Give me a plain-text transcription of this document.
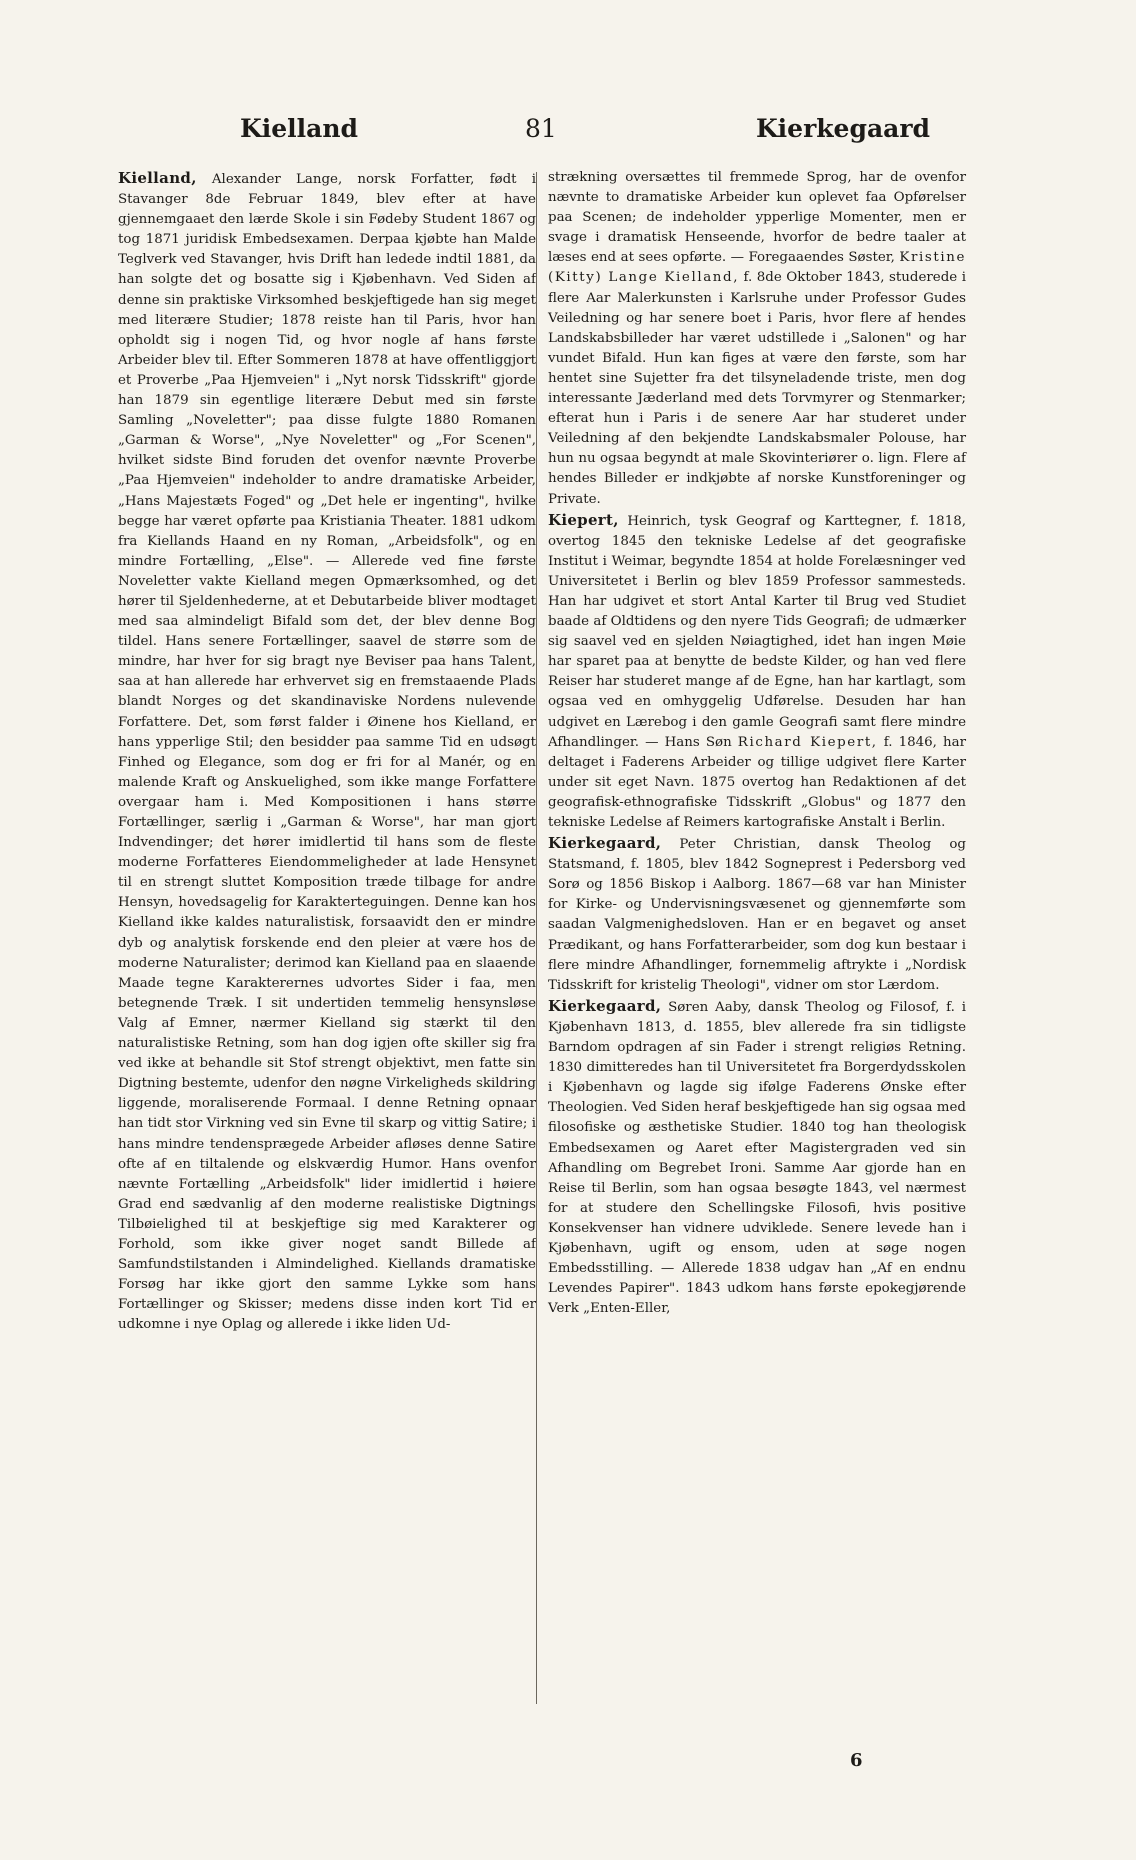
Kielland	81	Kierkegaard

Kielland, Alexander Lange, norsk Forfatter, født i Stavanger 8de Februar 1849, blev efter at have gjennemgaaet den lærde Skole i sin Fødeby Student 1867 og tog 1871 juridisk Embedsexamen. Derpaa kjøbte han Malde Teglverk ved Stavanger, hvis Drift han ledede indtil 1881, da han solgte det og bosatte sig i Kjøbenhavn. Ved Siden af denne sin praktiske Virksomhed beskjeftigede han sig meget med literære Studier; 1878 reiste han til Paris, hvor han opholdt sig i nogen Tid, og hvor nogle af hans første Arbeider blev til. Efter Sommeren 1878 at have offentliggjort et Proverbe „Paa Hjemveien" i „Nyt norsk Tidsskrift" gjorde han 1879 sin egentlige literære Debut med sin første Samling „Noveletter"; paa disse fulgte 1880 Romanen „Garman & Worse", „Nye Noveletter" og „For Scenen", hvilket sidste Bind foruden det ovenfor nævnte Proverbe „Paa Hjemveien" indeholder to andre dramatiske Arbeider, „Hans Majestæts Foged" og „Det hele er ingenting", hvilke begge har været opførte paa Kristiania Theater. 1881 udkom fra Kiellands Haand en ny Roman, „Arbeidsfolk", og en mindre Fortælling, „Else". — Allerede ved fine første Noveletter vakte Kielland megen Opmærksomhed, og det hører til Sjeldenhederne, at et Debutarbeide bliver modtaget med saa almindeligt Bifald som det, der blev denne Bog tildel. Hans senere Fortællinger, saavel de større som de mindre, har hver for sig bragt nye Beviser paa hans Talent, saa at han allerede har erhvervet sig en fremstaaende Plads blandt Norges og det skandinaviske Nordens nulevende Forfattere. Det, som først falder i Øinene hos Kielland, er hans ypperlige Stil; den besidder paa samme Tid en udsøgt Finhed og Elegance, som dog er fri for al Manér, og en malende Kraft og Anskuelighed, som ikke mange Forfattere overgaar ham i. Med Kompositionen i hans større Fortællinger, særlig i „Garman & Worse", har man gjort Indvendinger; det hører imidlertid til hans som de fleste moderne Forfatteres Eiendommeligheder at lade Hensynet til en strengt sluttet Komposition træde tilbage for andre Hensyn, hovedsagelig for Karakterteguingen. Denne kan hos Kielland ikke kaldes naturalistisk, forsaavidt den er mindre dyb og analytisk forskende end den pleier at være hos de moderne Naturalister; derimod kan Kielland paa en slaaende Maade tegne Karakterernes udvortes Sider i faa, men betegnende Træk. I sit undertiden temmelig hensynsløse Valg af Emner, nærmer Kielland sig stærkt til den naturalistiske Retning, som han dog igjen ofte skiller sig fra ved ikke at behandle sit Stof strengt objektivt, men fatte sin Digtning bestemte, udenfor den nøgne Virkeligheds skildring liggende, moraliserende Formaal. I denne Retning opnaar han tidt stor Virkning ved sin Evne til skarp og vittig Satire; i hans mindre tendensprægede Arbeider afløses denne Satire ofte af en tiltalende og elskværdig Humor. Hans ovenfor nævnte Fortælling „Arbeidsfolk" lider imidlertid i høiere Grad end sædvanlig af den moderne realistiske Digtnings Tilbøielighed til at beskjeftige sig med Karakterer og Forhold, som ikke giver noget sandt Billede af Samfundstilstanden i Almindelighed. Kiellands dramatiske Forsøg har ikke gjort den samme Lykke som hans Fortællinger og Skisser; medens disse inden kort Tid er udkomne i nye Oplag og allerede i ikke liden Ud-

strækning oversættes til fremmede Sprog, har de ovenfor nævnte to dramatiske Arbeider kun oplevet faa Opførelser paa Scenen; de indeholder ypperlige Momenter, men er svage i dramatisk Henseende, hvorfor de bedre taaler at læses end at sees opførte. — Foregaaendes Søster, Kristine (Kitty) Lange Kielland, f. 8de Oktober 1843, studerede i flere Aar Malerkunsten i Karlsruhe under Professor Gudes Veiledning og har senere boet i Paris, hvor flere af hendes Landskabsbilleder har været udstillede i „Salonen" og har vundet Bifald. Hun kan figes at være den første, som har hentet sine Sujetter fra det tilsyneladende triste, men dog interessante Jæderland med dets Torvmyrer og Stenmarker; efterat hun i Paris i de senere Aar har studeret under Veiledning af den bekjendte Landskabsmaler Polouse, har hun nu ogsaa begyndt at male Skovinteriører o. lign. Flere af hendes Billeder er indkjøbte af norske Kunstforeninger og Private.

Kiepert, Heinrich, tysk Geograf og Karttegner, f. 1818, overtog 1845 den tekniske Ledelse af det geografiske Institut i Weimar, begyndte 1854 at holde Forelæsninger ved Universitetet i Berlin og blev 1859 Professor sammesteds. Han har udgivet et stort Antal Karter til Brug ved Studiet baade af Oldtidens og den nyere Tids Geografi; de udmærker sig saavel ved en sjelden Nøiagtighed, idet han ingen Møie har sparet paa at benytte de bedste Kilder, og han ved flere Reiser har studeret mange af de Egne, han har kartlagt, som ogsaa ved en omhyggelig Udførelse. Desuden har han udgivet en Lærebog i den gamle Geografi samt flere mindre Afhandlinger. — Hans Søn Richard Kiepert, f. 1846, har deltaget i Faderens Arbeider og tillige udgivet flere Karter under sit eget Navn. 1875 overtog han Redaktionen af det geografisk-ethnografiske Tidsskrift „Globus" og 1877 den tekniske Ledelse af Reimers kartografiske Anstalt i Berlin.

Kierkegaard, Peter Christian, dansk Theolog og Statsmand, f. 1805, blev 1842 Sogneprest i Pedersborg ved Sorø og 1856 Biskop i Aalborg. 1867—68 var han Minister for Kirke- og Undervisningsvæsenet og gjennemførte som saadan Valgmenighedsloven. Han er en begavet og anset Prædikant, og hans Forfatterarbeider, som dog kun bestaar i flere mindre Afhandlinger, fornemmelig aftrykte i „Nordisk Tidsskrift for kristelig Theologi", vidner om stor Lærdom.

Kierkegaard, Søren Aaby, dansk Theolog og Filosof, f. i Kjøbenhavn 1813, d. 1855, blev allerede fra sin tidligste Barndom opdragen af sin Fader i strengt religiøs Retning. 1830 dimitteredes han til Universitetet fra Borgerdydsskolen i Kjøbenhavn og lagde sig ifølge Faderens Ønske efter Theologien. Ved Siden heraf beskjeftigede han sig ogsaa med filosofiske og æsthetiske Studier. 1840 tog han theologisk Embedsexamen og Aaret efter Magistergraden ved sin Afhandling om Begrebet Ironi. Samme Aar gjorde han en Reise til Berlin, som han ogsaa besøgte 1843, vel nærmest for at studere den Schellingske Filosofi, hvis positive Konsekvenser han vidnere udviklede. Senere levede han i Kjøbenhavn, ugift og ensom, uden at søge nogen Embedsstilling. — Allerede 1838 udgav han „Af en endnu Levendes Papirer". 1843 udkom hans første epokegjørende Verk „Enten-Eller,

6
